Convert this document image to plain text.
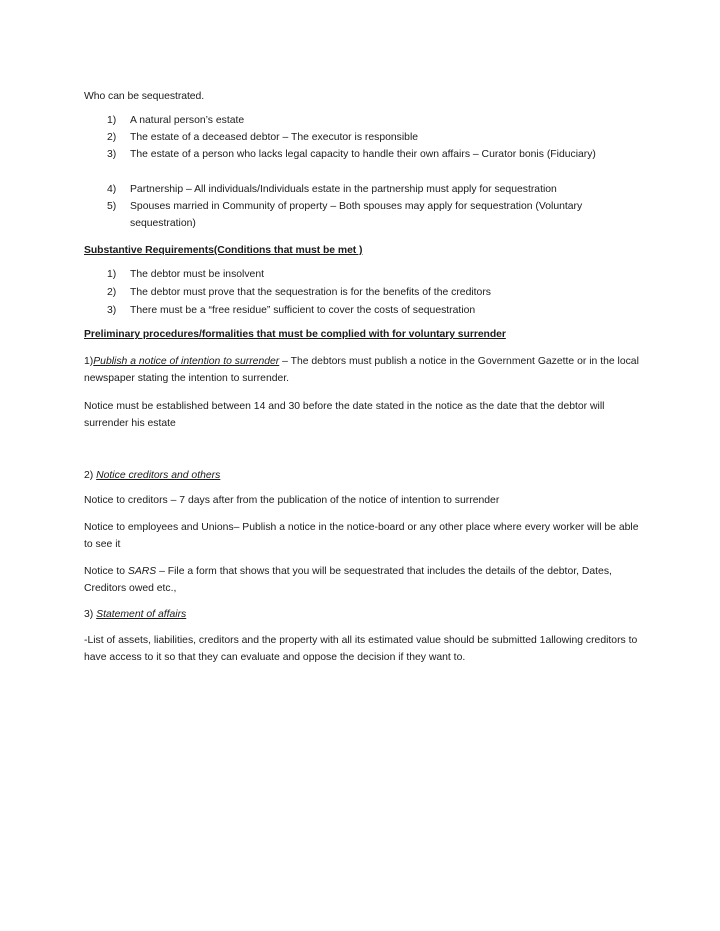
Who can be sequestrated.
1) A natural person’s estate
2) The estate of a deceased debtor – The executor is responsible
3) The estate of a person who lacks legal capacity to handle their own affairs – Curator bonis (Fiduciary)
4) Partnership – All individuals/Individuals estate in the partnership must apply for sequestration
5) Spouses married in Community of property – Both spouses may apply for sequestration (Voluntary sequestration)
Substantive Requirements(Conditions that must be met )
1) The debtor must be insolvent
2) The debtor must prove that the sequestration is for the benefits of the creditors
3) There must be a “free residue” sufficient to cover the costs of sequestration
Preliminary procedures/formalities that must be complied with for voluntary surrender
1)Publish a notice of intention to surrender – The debtors must publish a notice in the Government Gazette or in the local newspaper stating the intention to surrender.
Notice must be established between 14 and 30 before the date stated in the notice as the date that the debtor will surrender his estate
2) Notice creditors and others
Notice to creditors – 7 days after from the publication of the notice of intention to surrender
Notice to employees and Unions– Publish a notice in the notice-board or any other place where every worker will be able to see it
Notice to SARS – File a form that shows that you will be sequestrated that includes the details of the debtor, Dates, Creditors owed etc.,
3) Statement of affairs
-List of assets, liabilities, creditors and the property with all its estimated value should be submitted 1allowing creditors to have access to it so that they can evaluate and oppose the decision if they want to.
